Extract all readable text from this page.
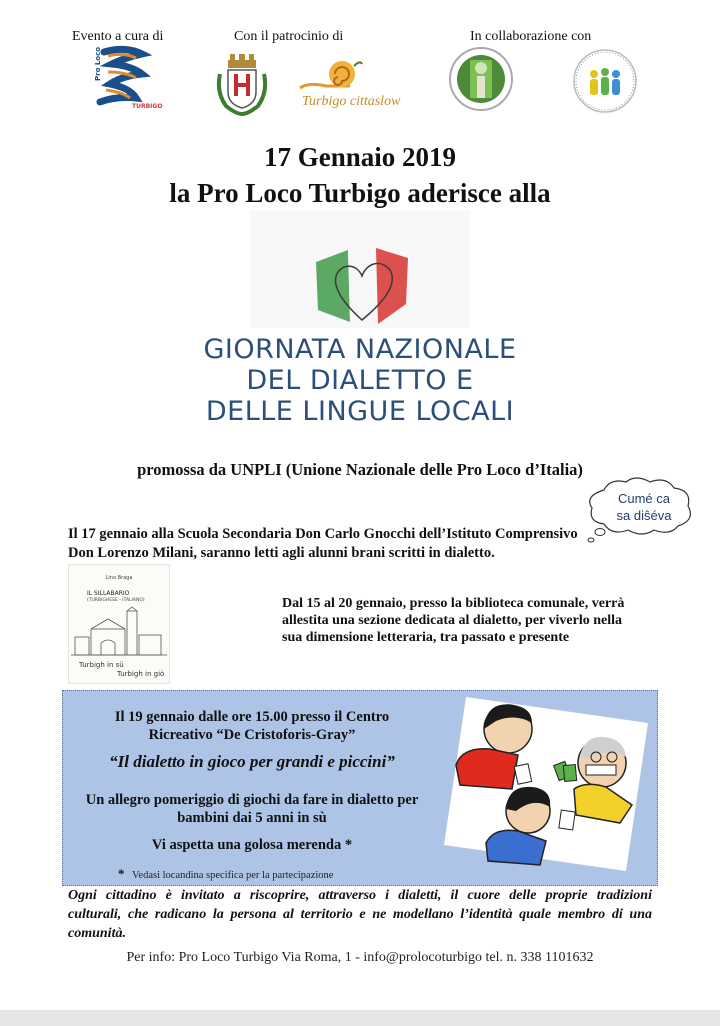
Evento a cura di	Con il patrocinio di	In collaborazione con
Pro Loco
TURBIGO	Turbigo cittaslow
17 Gennaio 2019
la Pro Loco Turbigo aderisce alla
GIORNATA NAZIONALE
DEL DIALETTO E
DELLE LINGUE LOCALI
promossa da UNPLI (Unione Nazionale delle Pro Loco d’Italia)
Cumé ca
sa diŝéva
Il 17 gennaio alla Scuola Secondaria Don Carlo Gnocchi dell’Istituto Comprensivo
Don Lorenzo Milani, saranno letti agli alunni brani scritti in dialetto.
Lino Braga
IL SILLABARIO
(TURBIGHESE - ITALIANO)
Turbigh in sü
Turbigh in giò
Dal 15 al 20 gennaio, presso la biblioteca comunale, verrà
allestita una sezione dedicata al dialetto, per viverlo nella
sua dimensione letteraria, tra passato e presente
Il 19 gennaio dalle ore 15.00 presso il Centro
Ricreativo “De Cristoforis-Gray”
“Il dialetto in gioco per grandi e piccini”
Un allegro pomeriggio di giochi da fare in dialetto per
bambini dai 5 anni in sù
Vi aspetta una golosa merenda *
* Vedasi locandina specifica per la partecipazione
Ogni cittadino è invitato a riscoprire, attraverso i dialetti, il cuore delle proprie tradizioni
culturali, che radicano la persona al territorio e ne modellano l’identità quale membro di una
comunità.
Per info: Pro Loco Turbigo Via Roma, 1 - info@prolocoturbigo tel. n. 338 1101632
